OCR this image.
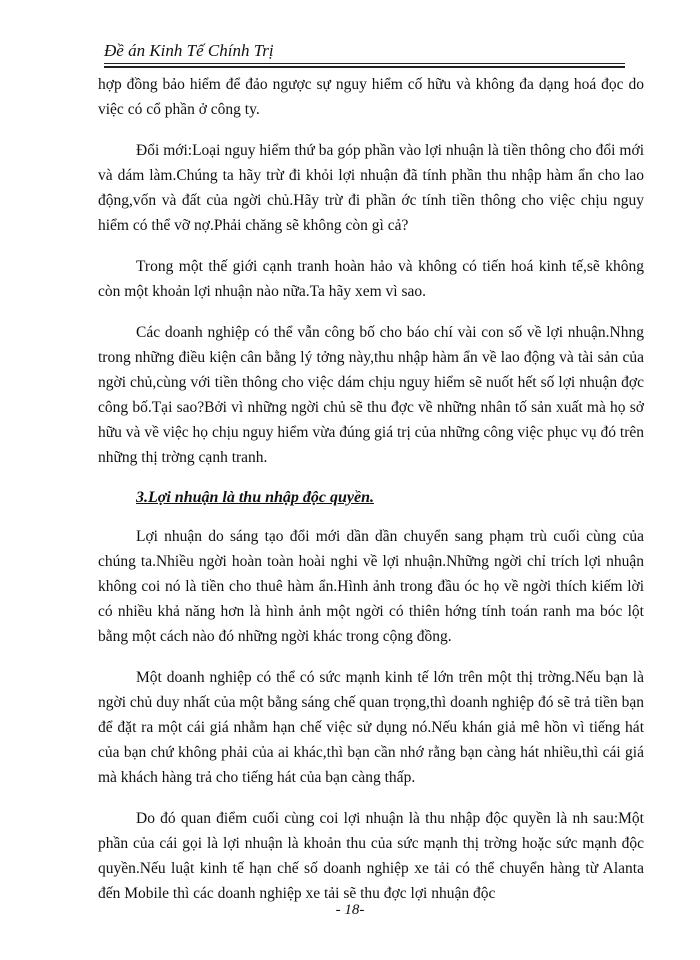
Đề án Kinh Tế Chính Trị

hợp đồng bảo hiểm để đảo ngược sự nguy hiểm cố hữu và không đa dạng hoá đọc do việc có cổ phần ở công ty.

Đổi mới:Loại nguy hiểm thứ ba góp phần vào lợi nhuận là tiền thông cho đổi mới và dám làm.Chúng ta hãy trừ đi khỏi lợi nhuận đã tính phần thu nhập hàm ẩn cho lao động,vốn và đất của ngời chủ.Hãy trừ đi phần ớc tính tiền thông cho việc chịu nguy hiểm có thể vỡ nợ.Phải chăng sẽ không còn gì cả?

Trong một thế giới cạnh tranh hoàn hảo và không có tiến hoá kinh tế,sẽ không còn một khoản lợi nhuận nào nữa.Ta hãy xem vì sao.

Các doanh nghiệp có thể vẫn công bố cho báo chí vài con số về lợi nhuận.Nhng trong những điều kiện cân bằng lý tởng này,thu nhập hàm ẩn về lao động và tài sản của ngời chủ,cùng với tiền thông cho việc dám chịu nguy hiểm sẽ nuốt hết số lợi nhuận đợc công bố.Tại sao?Bởi vì những ngời chủ sẽ thu đợc về những nhân tố sản xuất mà họ sở hữu và về việc họ chịu nguy hiểm vừa đúng giá trị của những công việc phục vụ đó trên những thị trờng cạnh tranh.

3.Lợi nhuận là thu nhập độc quyền.

Lợi nhuận do sáng tạo đổi mới dần dần chuyển sang phạm trù cuối cùng của chúng ta.Nhiều ngời hoàn toàn hoài nghi về lợi nhuận.Những ngời chỉ trích lợi nhuận không coi nó là tiền cho thuê hàm ẩn.Hình ảnh trong đầu óc họ về ngời thích kiếm lời có nhiều khả năng hơn là hình ảnh một ngời có thiên hớng tính toán ranh ma bóc lột bằng một cách nào đó những ngời khác trong cộng đồng.

Một doanh nghiệp có thể có sức mạnh kinh tế lớn trên một thị trờng.Nếu bạn là ngời chủ duy nhất của một bằng sáng chế quan trọng,thì doanh nghiệp đó sẽ trả tiền bạn để đặt ra một cái giá nhằm hạn chế việc sử dụng nó.Nếu khán giả mê hồn vì tiếng hát của bạn chứ không phải của ai khác,thì bạn cần nhớ rằng bạn càng hát nhiều,thì cái giá mà khách hàng trả cho tiếng hát của bạn càng thấp.

Do đó quan điểm cuối cùng coi lợi nhuận là thu nhập độc quyền là nh sau:Một phần của cái gọi là lợi nhuận là khoản thu của sức mạnh thị trờng hoặc sức mạnh độc quyền.Nếu luật kinh tế hạn chế số doanh nghiệp xe tải có thể chuyển hàng từ Alanta đến Mobile thì các doanh nghiệp xe tải sẽ thu đợc lợi nhuận độc

- 18-
